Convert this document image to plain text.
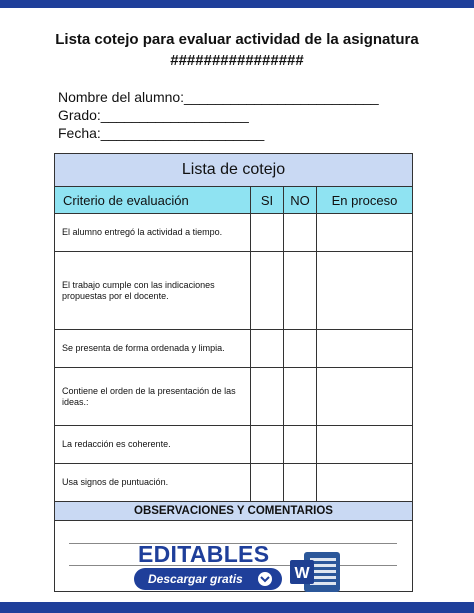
Lista cotejo para evaluar actividad de la asignatura
################
Nombre del alumno:_________________________
Grado:___________________
Fecha:_____________________
Lista de cotejo			
Criterio de evaluación	SI	NO	En proceso
El alumno entregó la actividad a tiempo.			
El trabajo cumple con las indicaciones propuestas por el docente.			
Se presenta de forma ordenada y limpia.			
Contiene el orden de la presentación de las ideas.:			
La redacción es coherente.			
Usa signos de puntuación.			
OBSERVACIONES Y COMENTARIOS			

EDITABLES
Descargar gratis	W
